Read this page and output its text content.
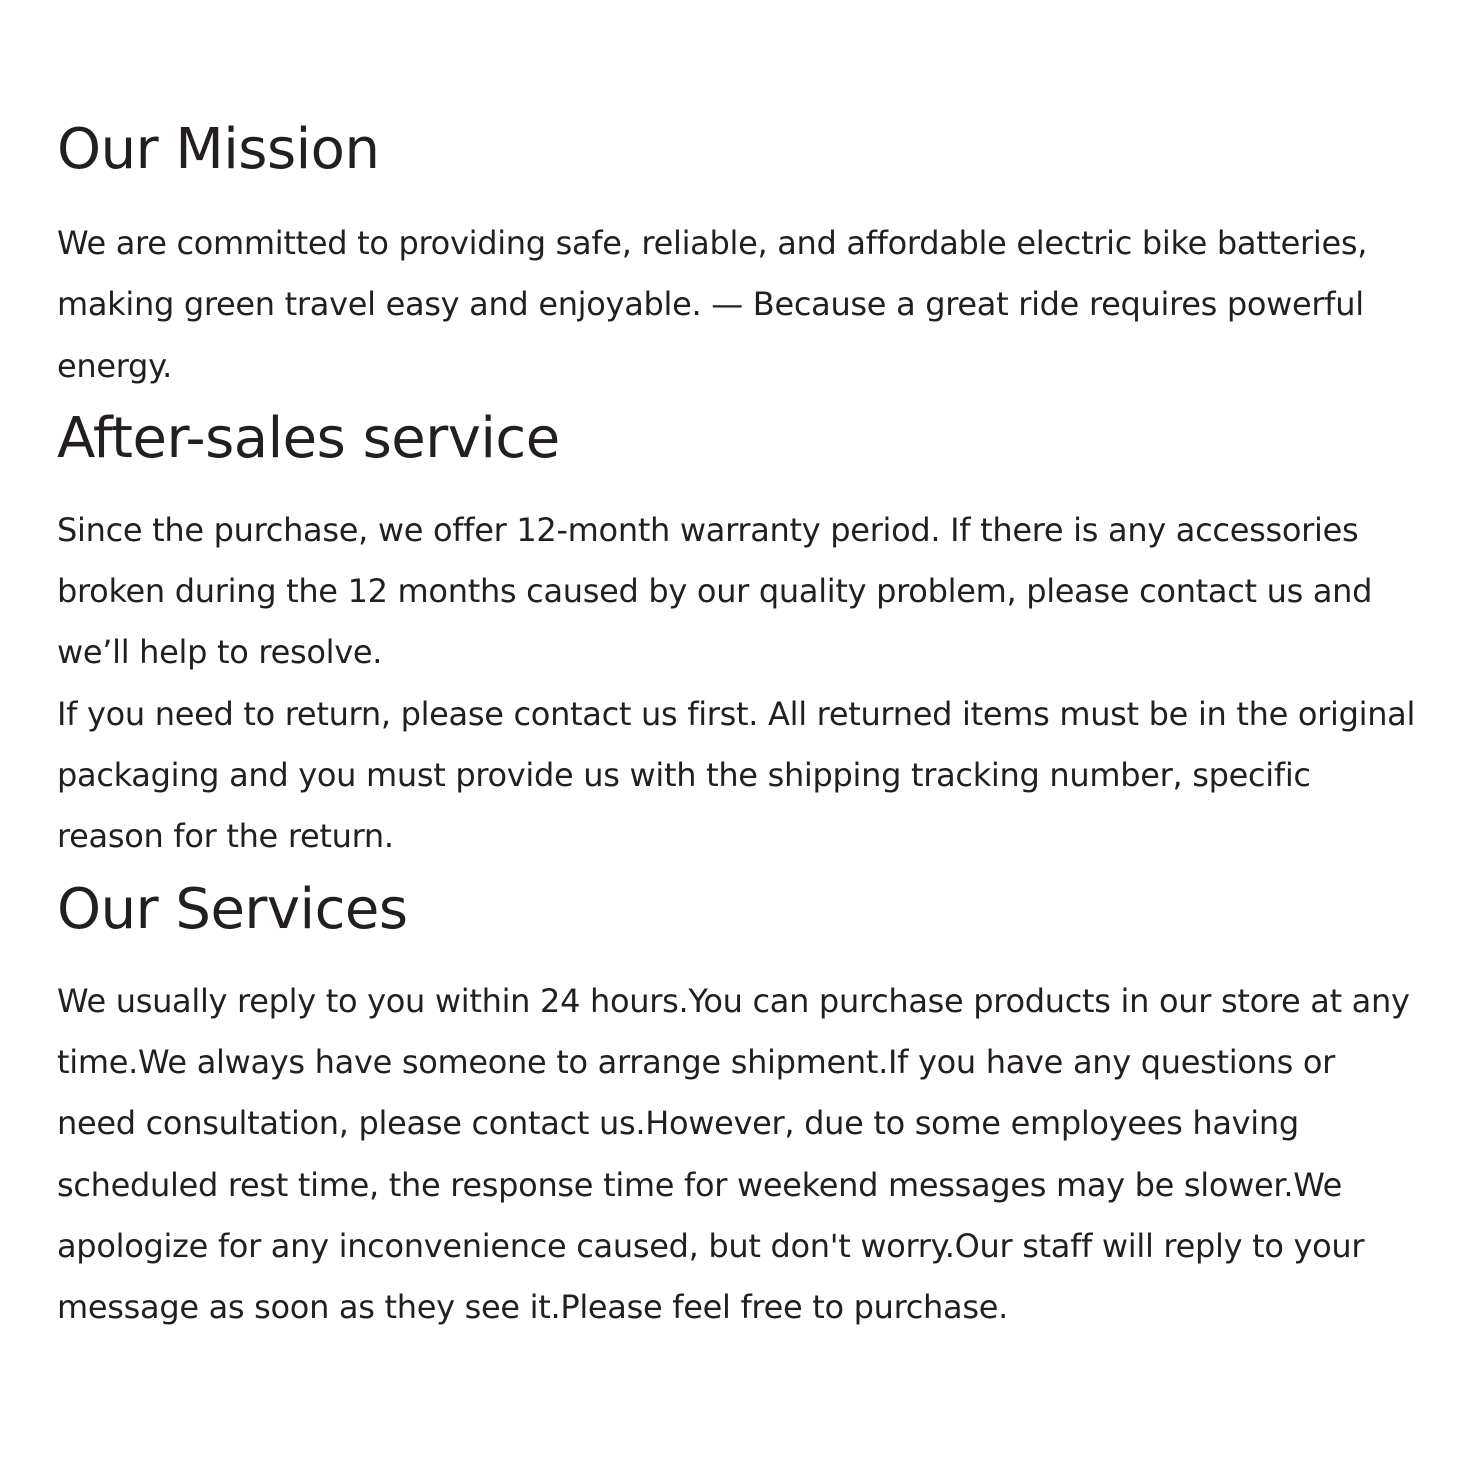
Our Mission

We are committed to providing safe, reliable, and affordable electric bike batteries, making green travel easy and enjoyable. — Because a great ride requires powerful energy.

After-sales service

Since the purchase, we offer 12-month warranty period. If there is any accessories broken during the 12 months caused by our quality problem, please contact us and we’ll help to resolve.

If you need to return, please contact us first. All returned items must be in the original packaging and you must provide us with the shipping tracking number, specific reason for the return.

Our Services

We usually reply to you within 24 hours.You can purchase products in our store at any time.We always have someone to arrange shipment.If you have any questions or need consultation, please contact us.However, due to some employees having scheduled rest time, the response time for weekend messages may be slower.We apologize for any inconvenience caused, but don't worry.Our staff will reply to your message as soon as they see it.Please feel free to purchase.
